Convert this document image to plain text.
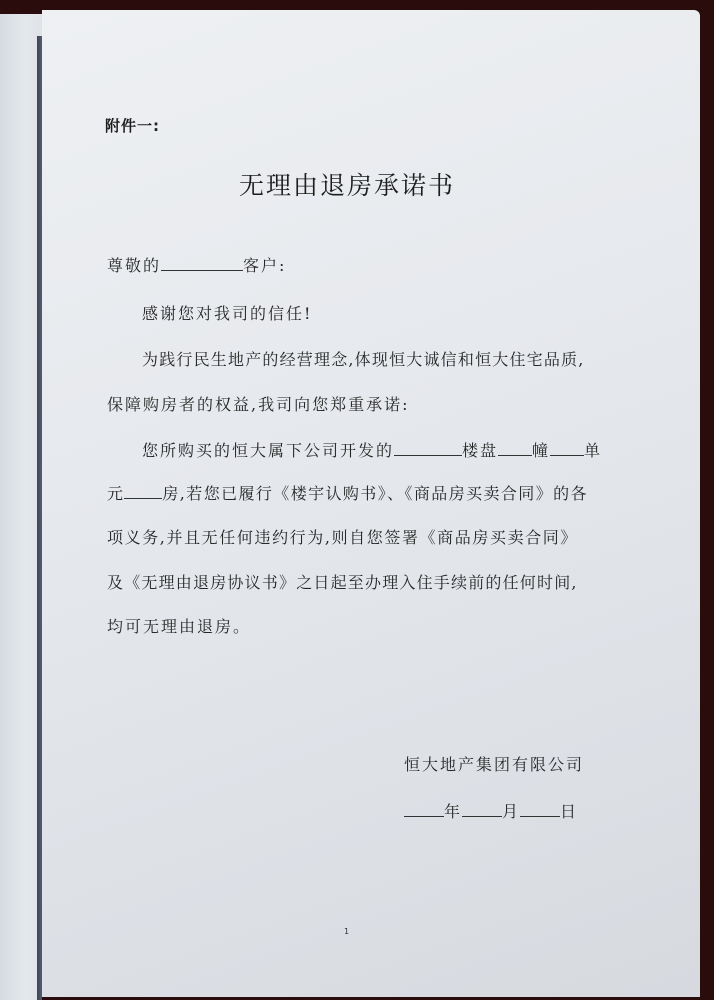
附件一:
无理由退房承诺书
尊敬的	客户:
感谢您对我司的信任!
为践行民生地产的经营理念,体现恒大诚信和恒大住宅品质,
保障购房者的权益,我司向您郑重承诺:
您所购买的恒大属下公司开发的	楼盘 幢 单
元 房,若您已履行《楼宇认购书》、《商品房买卖合同》的各
项义务,并且无任何违约行为,则自您签署《商品房买卖合同》
及《无理由退房协议书》之日起至办理入住手续前的任何时间,
均可无理由退房。
恒大地产集团有限公司
年	月	日
1
